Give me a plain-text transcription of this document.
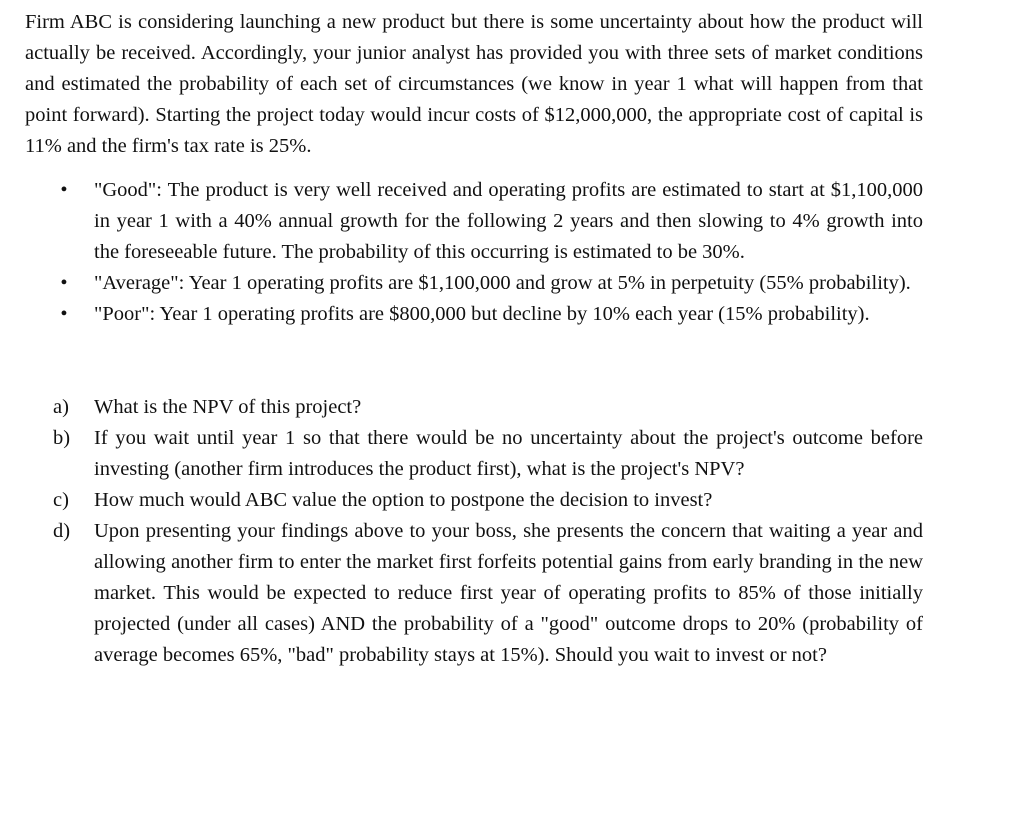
Firm ABC is considering launching a new product but there is some uncertainty about how the product will actually be received. Accordingly, your junior analyst has provided you with three sets of market conditions and estimated the probability of each set of circumstances (we know in year 1 what will happen from that point forward). Starting the project today would incur costs of $12,000,000, the appropriate cost of capital is 11% and the firm's tax rate is 25%.

•	"Good": The product is very well received and operating profits are estimated to start at $1,100,000 in year 1 with a 40% annual growth for the following 2 years and then slowing to 4% growth into the foreseeable future. The probability of this occurring is estimated to be 30%.
•	"Average": Year 1 operating profits are $1,100,000 and grow at 5% in perpetuity (55% probability).
•	"Poor": Year 1 operating profits are $800,000 but decline by 10% each year (15% probability).
a) What is the NPV of this project?
b) If you wait until year 1 so that there would be no uncertainty about the project's outcome before investing (another firm introduces the product first), what is the project's NPV?
c) How much would ABC value the option to postpone the decision to invest?
d) Upon presenting your findings above to your boss, she presents the concern that waiting a year and allowing another firm to enter the market first forfeits potential gains from early branding in the new market. This would be expected to reduce first year of operating profits to 85% of those initially projected (under all cases) AND the probability of a "good" outcome drops to 20% (probability of average becomes 65%, "bad" probability stays at 15%). Should you wait to invest or not?
